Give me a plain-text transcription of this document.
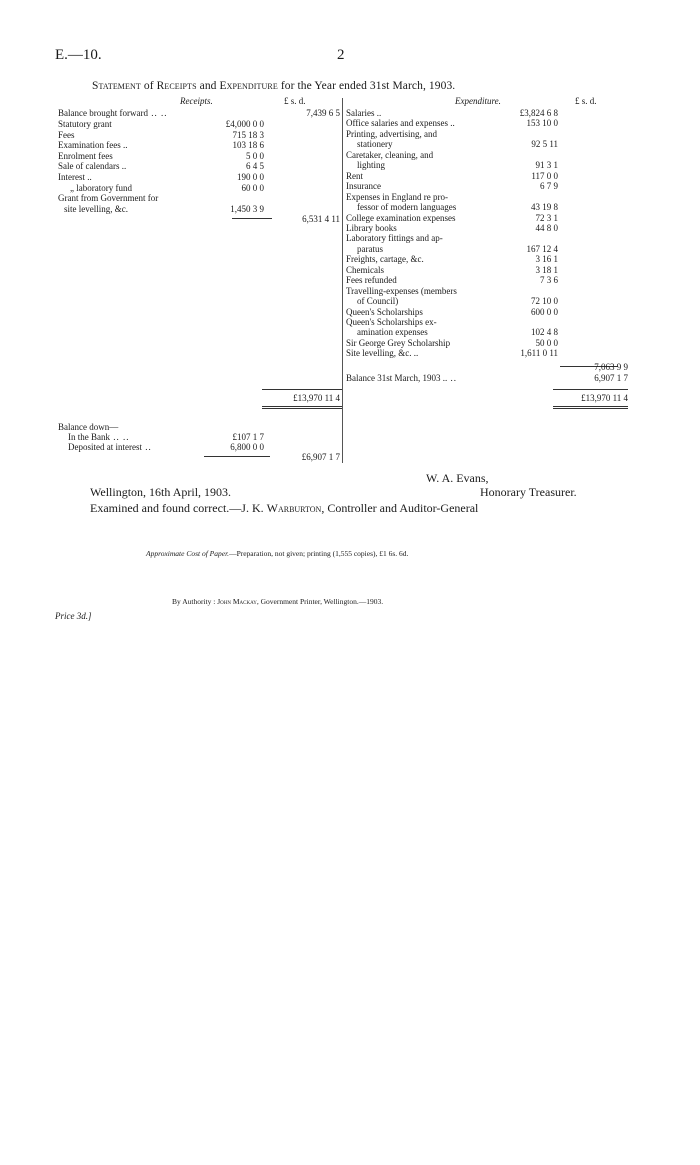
E.—10.	2
Statement of Receipts and Expenditure for the Year ended 31st March, 1903.
Receipts.	£ s. d.	Expenditure.	£ s. d.
Balance brought forward .. ..	7,439 6 5
Statutory grant	£4,000 0 0
Fees	715 18 3
Examination fees ..	103 18 6
Enrolment fees	5 0 0
Sale of calendars ..	6 4 5
Interest ..	190 0 0
„ laboratory fund	60 0 0
Grant from Government for
site levelling, &c.	1,450 3 9
6,531 4 11
£13,970 11 4
Salaries ..	£3,824 6 8
Office salaries and expenses ..	153 10 0
Printing, advertising, and
stationery	92 5 11
Caretaker, cleaning, and
lighting	91 3 1
Rent	117 0 0
Insurance	6 7 9
Expenses in England re pro-
fessor of modern languages	43 19 8
College examination expenses	72 3 1
Library books	44 8 0
Laboratory fittings and ap-
paratus	167 12 4
Freights, cartage, &c.	3 16 1
Chemicals	3 18 1
Fees refunded	7 3 6
Travelling-expenses (members
of Council)	72 10 0
Queen's Scholarships	600 0 0
Queen's Scholarships ex-
amination expenses	102 4 8
Sir George Grey Scholarship	50 0 0
Site levelling, &c. ..	1,611 0 11
7,063 9 9
Balance 31st March, 1903 .. ..	6,907 1 7
£13,970 11 4
Balance down—
In the Bank .. ..	£107 1 7
Deposited at interest ..	6,800 0 0
£6,907 1 7
W. A. Evans,
Honorary Treasurer.
Wellington, 16th April, 1903.
Examined and found correct.—J. K. Warburton, Controller and Auditor-General
Approximate Cost of Paper.—Preparation, not given; printing (1,555 copies), £1 6s. 6d.
By Authority : John Mackay, Government Printer, Wellington.—1903.
Price 3d.]
